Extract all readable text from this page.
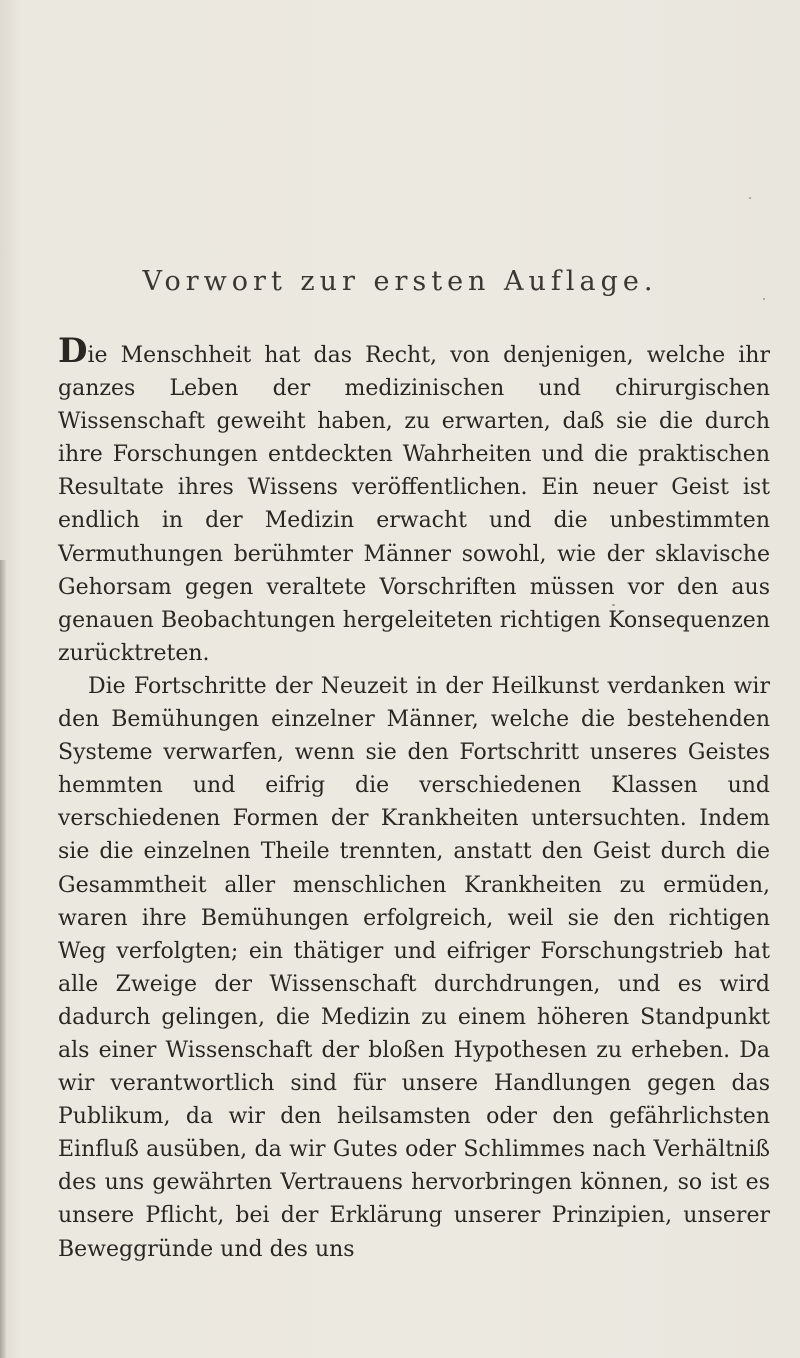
Vorwort zur ersten Auflage.

Die Menschheit hat das Recht, von denjenigen, welche ihr ganzes Leben der medizinischen und chirurgischen Wissenschaft geweiht haben, zu erwarten, daß sie die durch ihre Forschungen entdeckten Wahrheiten und die praktischen Resultate ihres Wissens veröffentlichen. Ein neuer Geist ist endlich in der Medizin erwacht und die unbestimmten Vermuthungen berühmter Männer sowohl, wie der sklavische Gehorsam gegen veraltete Vorschriften müssen vor den aus genauen Beobachtungen hergeleiteten richtigen Konsequenzen zurücktreten.

Die Fortschritte der Neuzeit in der Heilkunst verdanken wir den Bemühungen einzelner Männer, welche die bestehenden Systeme verwarfen, wenn sie den Fortschritt unseres Geistes hemmten und eifrig die verschiedenen Klassen und verschiedenen Formen der Krankheiten untersuchten. Indem sie die einzelnen Theile trennten, anstatt den Geist durch die Gesammtheit aller menschlichen Krankheiten zu ermüden, waren ihre Bemühungen erfolgreich, weil sie den richtigen Weg verfolgten; ein thätiger und eifriger Forschungstrieb hat alle Zweige der Wissenschaft durchdrungen, und es wird dadurch gelingen, die Medizin zu einem höheren Standpunkt als einer Wissenschaft der bloßen Hypothesen zu erheben. Da wir verantwortlich sind für unsere Handlungen gegen das Publikum, da wir den heilsamsten oder den gefährlichsten Einfluß ausüben, da wir Gutes oder Schlimmes nach Verhältniß des uns gewährten Vertrauens hervorbringen können, so ist es unsere Pflicht, bei der Erklärung unserer Prinzipien, unserer Beweggründe und des uns
